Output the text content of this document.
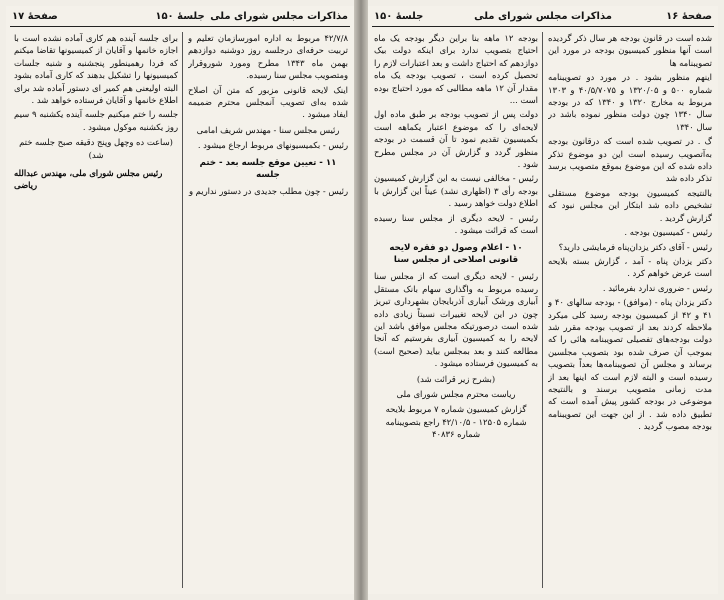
مذاکرات مجلس شورای ملی
جلسهٔ ۱۵۰
صفحهٔ ۱۷

۴۲/۷/۸ مربوط به اداره امورسازمان تعلیم و تربیت حرفه‌ای درجلسه روز دوشنبه دوازدهم بهمن ماه ۱۳۴۳ مطرح ومورد شوروقرار ومتصویب مجلس سنا رسیده.

اینک لایحه قانونی مزبور که متن آن اصلاح شده به‌ای تصویب آنمجلس محترم ضمیمه ایفاد میشود .

رئیس مجلس سنا - مهندس شریف امامی

رئیس - بکمیسیونهای مربوط ارجاع میشود .

۱۱ - تعیین موقع جلسه بعد - ختم جلسه

رئیس - چون مطلب جدیدی در دستور نداریم و

برای جلسه آینده هم کاری آماده نشده است با اجازه خانمها و آقایان از کمیسیونها تقاضا میکنم که فردا رهمینطور پنجشنبه و شنبه جلسات کمیسیونها را تشکیل بدهند که کاری آماده بشود البته اولیعنی هم کمیر ای دستور آماده شد برای اطلاع خانمها و آقایان فرستاده خواهد شد .

جلسه را ختم میکنیم جلسه آینده یکشنبه ۹ سیم روز یکشنبه موکول میشود .

(ساعت ده وچهل وپنج دقیقه صبح جلسه ختم شد)

رئیس مجلس شورای ملی، مهندس عبدالله ریاضی

صفحهٔ ۱۶
مذاکرات مجلس شورای ملی
جلسهٔ ۱۵۰

شده است در قانون بودجه هر سال ذکر گردیده است آنها منظور کمیسیون بودجه در مورد این تصویبنامه ها

اینهم منظور بشود . در مورد دو تصویبنامه شماره ۵۰۰ و ۱۳۲۰/۰۵ و ۴۰/۵/۷۰۷۵ و ۱۳۰۳ مربوط به مخارج ۱۳۲۰ و ۱۳۴۰ که در بودجه سال ۱۳۴۰ چون دولت منظور نموده باشد در سال ۱۳۴۰

گ . در تصویب شده است که درقانون بودجه به‌آتصویب رسیده است این دو موضوع تذکر داده شده که این موضوع بموقع متصویب برسد تذکر داده شد

بالنتیجه کمیسیون بودجه موضوع مستقلی تشخیص داده شد ابتکار این مجلس نبود که گزارش گردید .

رئیس - کمیسیون بودجه .

رئیس - آقای دکتر یزدان‌پناه فرمایشی دارید؟

دکتر یزدان پناه - آمد ، گزارش بسته بلایحه است عرض خواهم کرد .

رئیس - ضروری ندارد بفرمائید .

دکتر یزدان پناه - (موافق) - بودجه سالهای ۴۰ و ۴۱ و ۴۲ از کمیسیون بودجه رسید کلی میکرد ملاحظه کردند بعد از تصویب بودجه مقرر شد دولت بودجه‌های تفصیلی تصویبنامه هائی را که بموجب آن صرف شده بود بتصویب مجلسین برساند و مجلس آن تصویبنامه‌ها بعداً بتصویب رسیده است و البته لازم است که اینها بعد از مدت زمانی متصویب برسند و بالنتیجه موضوعی در بودجه کشور پیش آمده است که تطبیق داده شد . از این جهت این تصویبنامه بودجه مصوب گردید .

بودجه ۱۲ ماهه بنا براین دیگر بودجه یک ماه احتیاج بتصویب ندارد برای اینکه دولت بیک دوازدهم که احتیاج داشت و بعد اعتبارات لازم را تحصیل کرده است ، تصویب بودجه یک ماه مقدار آن ۱۲ ماهه مطالبی که مورد احتیاج بوده است ...

دولت پس از تصویب بودجه بر طبق ماده اول لایحه‌ای را که موضوع اعتبار یکماهه است بکمیسیون تقدیم نمود تا آن قسمت در بودجه منظور گردد و گزارش آن در مجلس مطرح شود .

رئیس - مخالفی نیست به این گزارش کمیسیون بودجه رأی ۳ (اظهاری نشد) عیناً این گزارش با اطلاع دولت خواهد رسید .

رئیس - لایحه دیگری از مجلس سنا رسیده است که قرائت میشود .

۱۰ - اعلام وصول دو فقره لایحه قانونی اصلاحی از مجلس سنا

رئیس - لایحه دیگری است که از مجلس سنا رسیده مربوط به واگذاری سهام بانک مستقل آبیاری ورشک آبیاری آذربایجان بشهرداری تبریز چون در این لایحه تغییرات نسبتاً زیادی داده شده است درصورتیکه مجلس موافق باشد این لایحه را به کمیسیون آبیاری بفرستیم که آنجا مطالعه کنند و بعد بمجلس بیاید (صحیح است) به کمیسیون فرستاده میشود .

(بشرح زیر قرائت شد)

ریاست محترم مجلس شورای ملی

گزارش کمیسیون شماره ۷ مربوط بلایحه شماره ۱۲۵۰۵ - ۴۲/۱۰/۵ راجع بتصویبنامه شماره ۴۰۸۳۶
